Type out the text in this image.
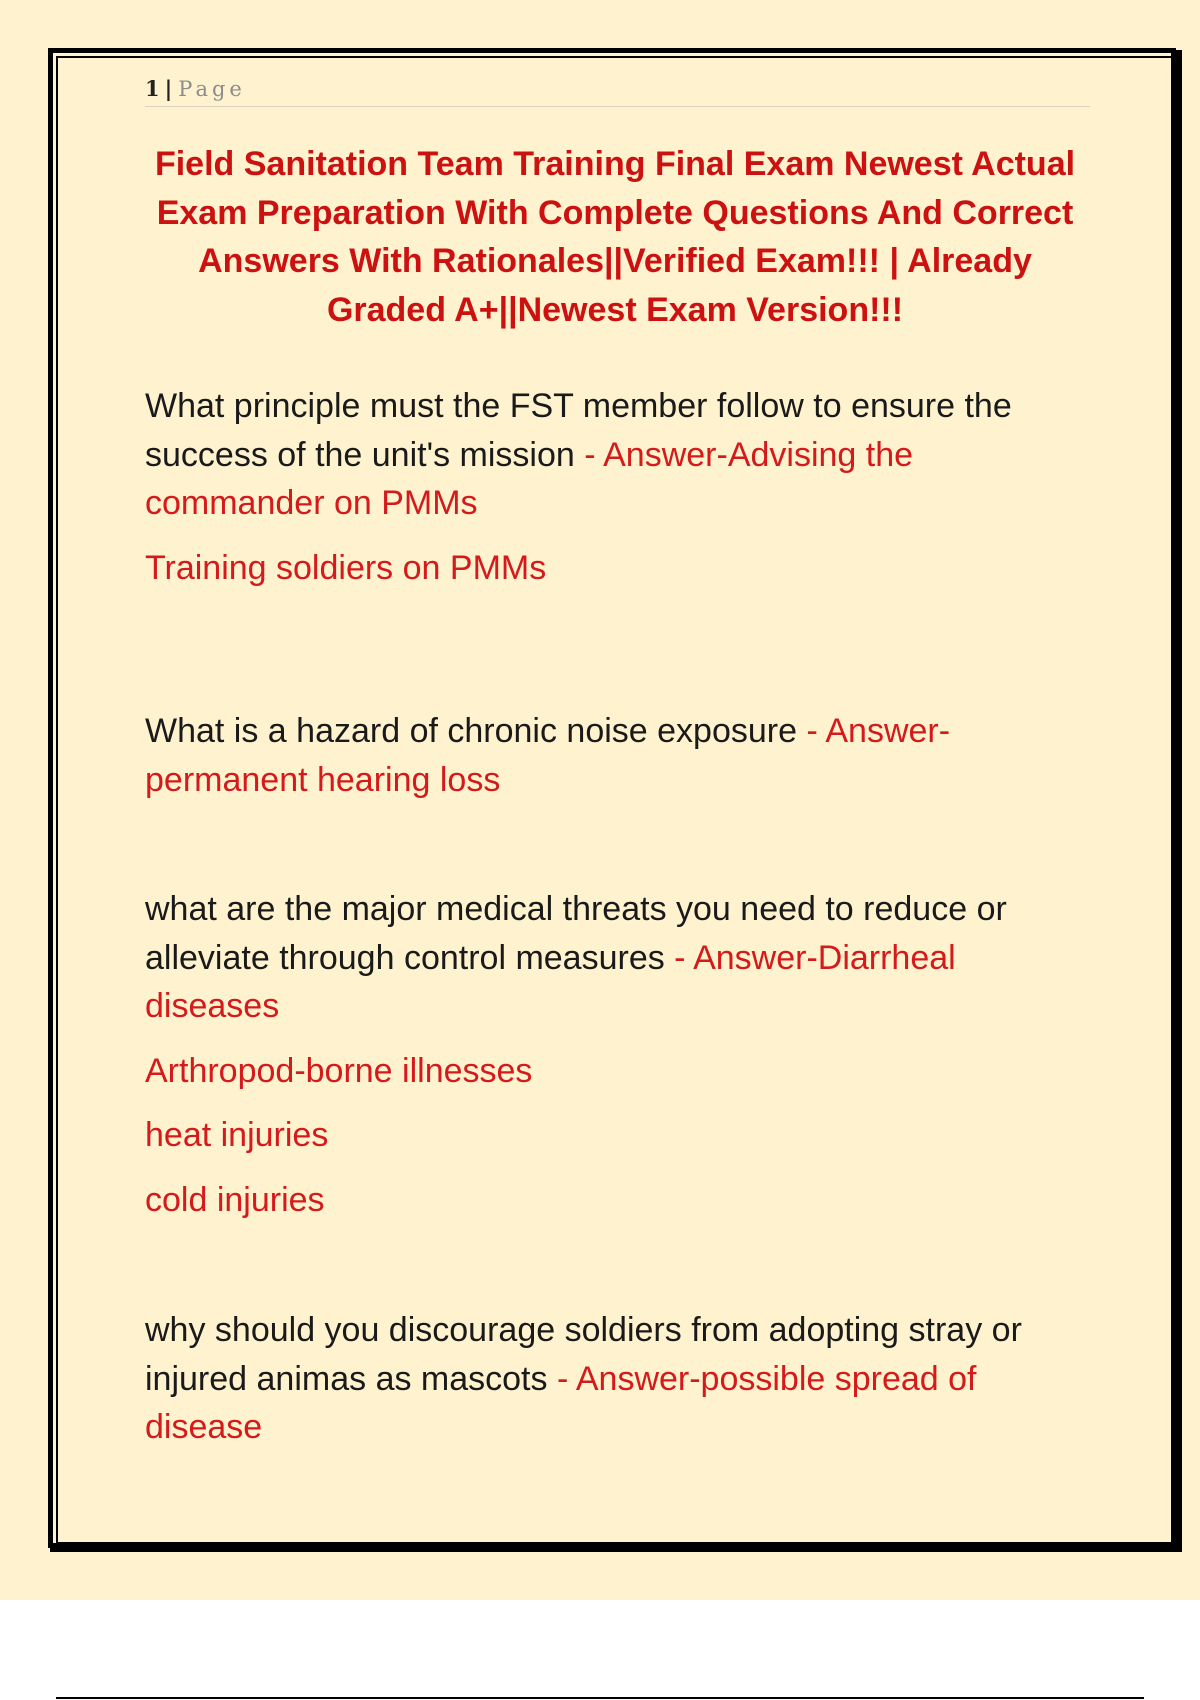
1 | Page
Field Sanitation Team Training Final Exam Newest Actual Exam Preparation With Complete Questions And Correct Answers With Rationales||Verified Exam!!! | Already Graded A+||Newest Exam Version!!!
What principle must the FST member follow to ensure the success of the unit's mission - Answer-Advising the commander on PMMs
Training soldiers on PMMs
What is a hazard of chronic noise exposure - Answer-permanent hearing loss
what are the major medical threats you need to reduce or alleviate through control measures - Answer-Diarrheal diseases
Arthropod-borne illnesses
heat injuries
cold injuries
why should you discourage soldiers from adopting stray or injured animas as mascots - Answer-possible spread of disease
